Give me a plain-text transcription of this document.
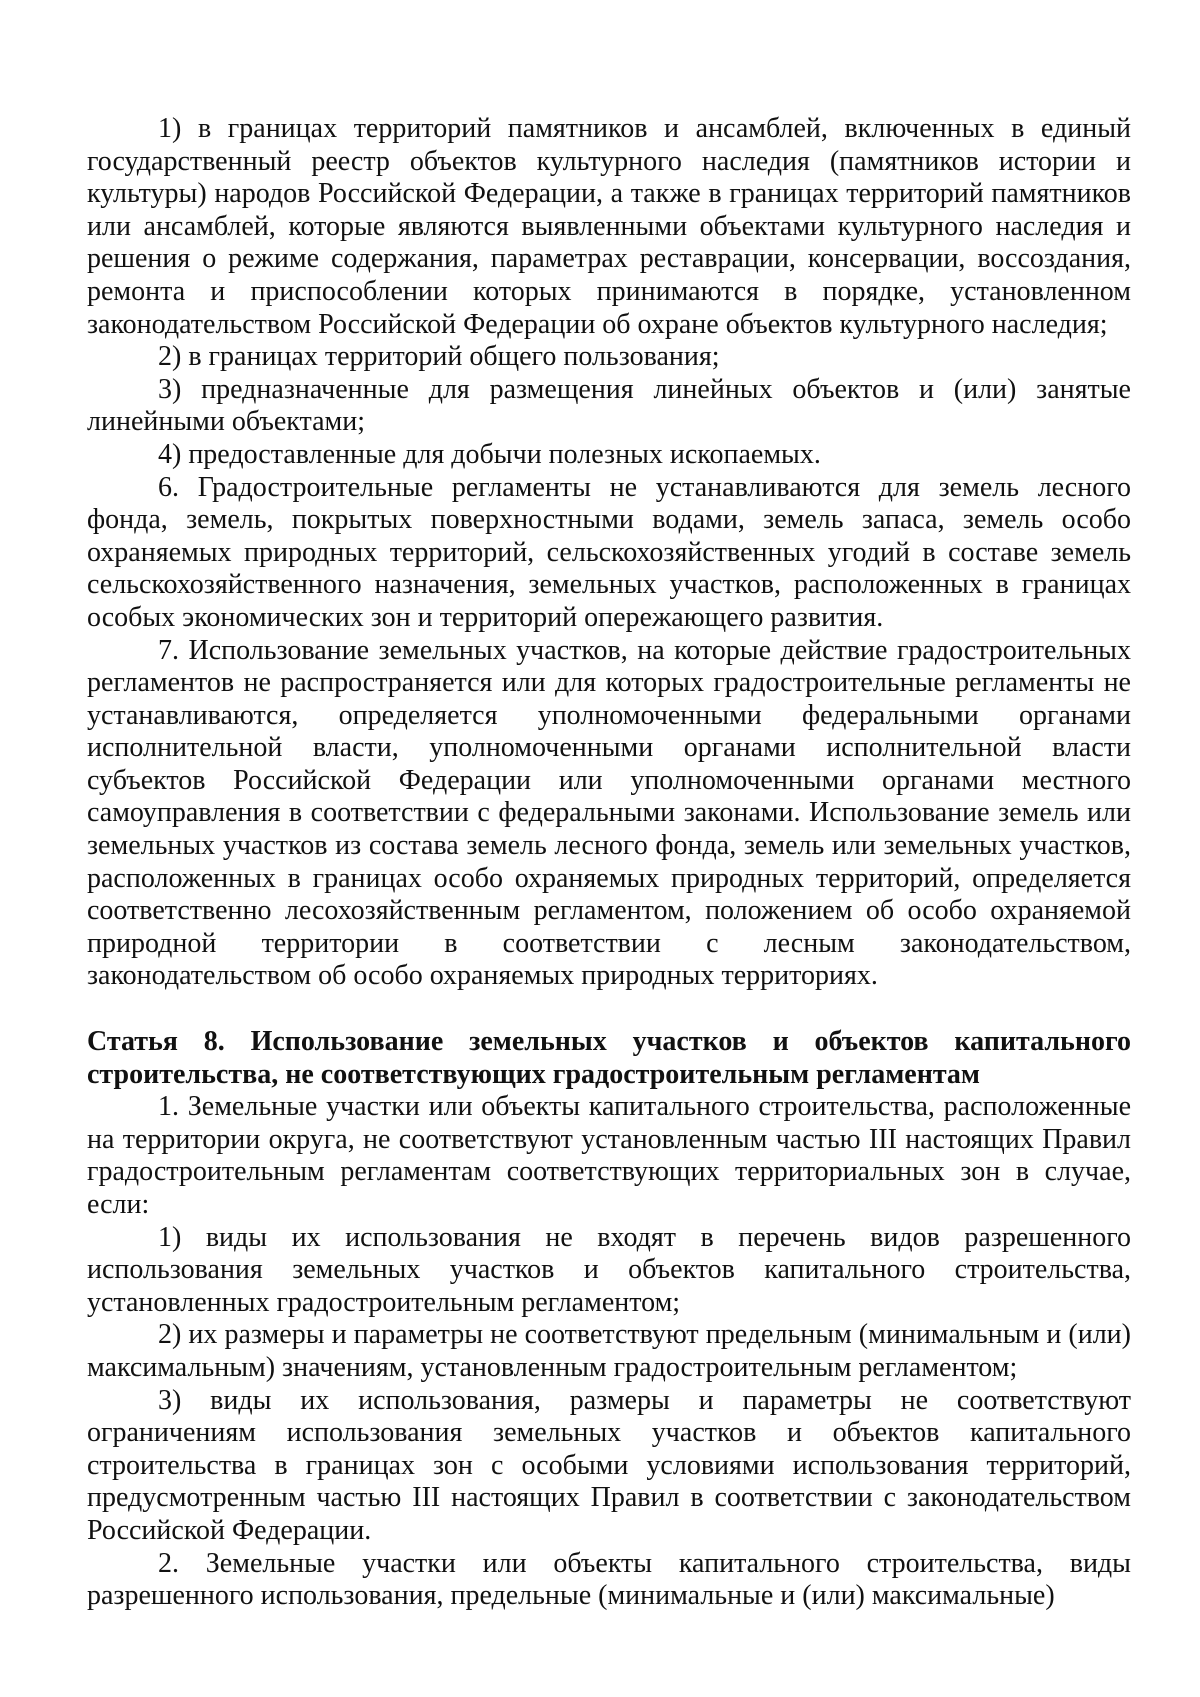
1) в границах территорий памятников и ансамблей, включенных в единый государственный реестр объектов культурного наследия (памятников истории и культуры) народов Российской Федерации, а также в границах территорий памятников или ансамблей, которые являются выявленными объектами культурного наследия и решения о режиме содержания, параметрах реставрации, консервации, воссоздания, ремонта и приспособлении которых принимаются в порядке, установленном законодательством Российской Федерации об охране объектов культурного наследия;

2) в границах территорий общего пользования;

3) предназначенные для размещения линейных объектов и (или) занятые линейными объектами;

4) предоставленные для добычи полезных ископаемых.

6. Градостроительные регламенты не устанавливаются для земель лесного фонда, земель, покрытых поверхностными водами, земель запаса, земель особо охраняемых природных территорий, сельскохозяйственных угодий в составе земель сельскохозяйственного назначения, земельных участков, расположенных в границах особых экономических зон и территорий опережающего развития.

7. Использование земельных участков, на которые действие градостроительных регламентов не распространяется или для которых градостроительные регламенты не устанавливаются, определяется уполномоченными федеральными органами исполнительной власти, уполномоченными органами исполнительной власти субъектов Российской Федерации или уполномоченными органами местного самоуправления в соответствии с федеральными законами. Использование земель или земельных участков из состава земель лесного фонда, земель или земельных участков, расположенных в границах особо охраняемых природных территорий, определяется соответственно лесохозяйственным регламентом, положением об особо охраняемой природной территории в соответствии с лесным законодательством, законодательством об особо охраняемых природных территориях.

Статья 8. Использование земельных участков и объектов капитального строительства, не соответствующих градостроительным регламентам

1. Земельные участки или объекты капитального строительства, расположенные на территории округа, не соответствуют установленным частью III настоящих Правил градостроительным регламентам соответствующих территориальных зон в случае, если:

1) виды их использования не входят в перечень видов разрешенного использования земельных участков и объектов капитального строительства, установленных градостроительным регламентом;

2) их размеры и параметры не соответствуют предельным (минимальным и (или) максимальным) значениям, установленным градостроительным регламентом;

3) виды их использования, размеры и параметры не соответствуют ограничениям использования земельных участков и объектов капитального строительства в границах зон с особыми условиями использования территорий, предусмотренным частью III настоящих Правил в соответствии с законодательством Российской Федерации.

2. Земельные участки или объекты капитального строительства, виды разрешенного использования, предельные (минимальные и (или) максимальные)
